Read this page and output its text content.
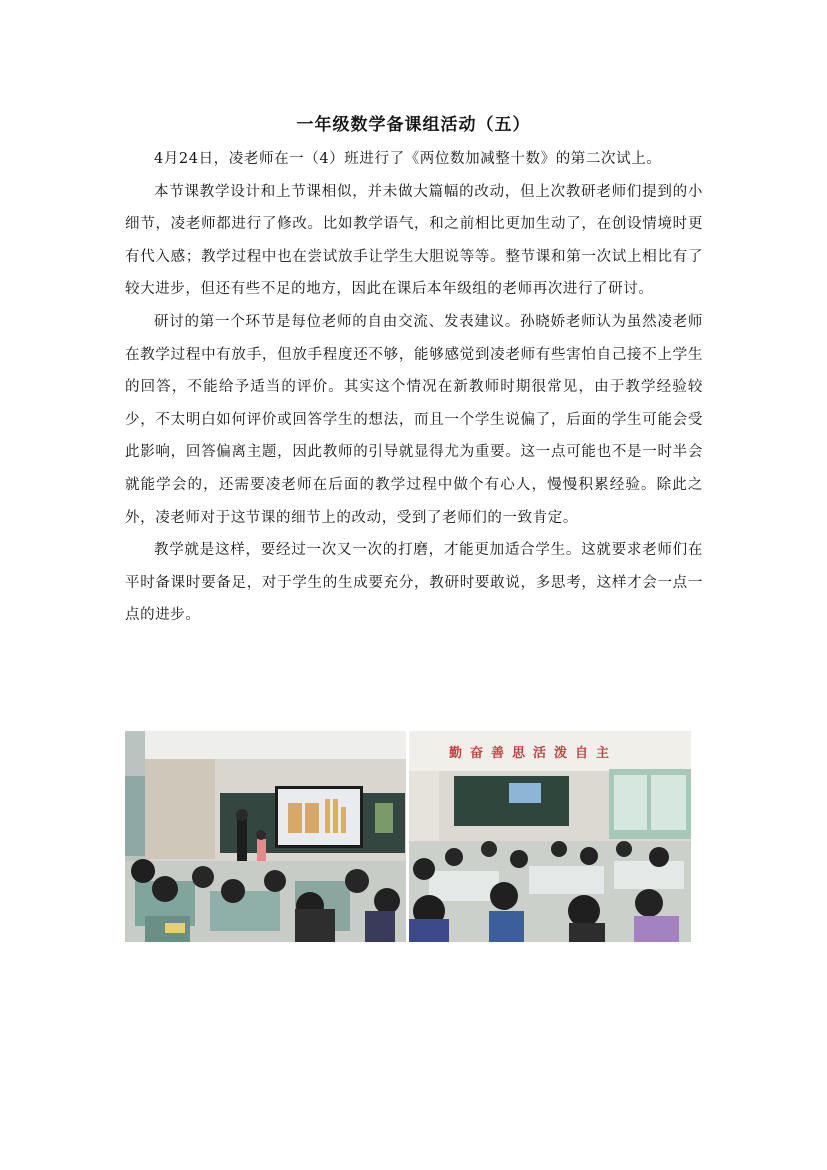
一年级数学备课组活动（五）

4月24日，凌老师在一（4）班进行了《两位数加减整十数》的第二次试上。

本节课教学设计和上节课相似，并未做大篇幅的改动，但上次教研老师们提到的小细节，凌老师都进行了修改。比如教学语气，和之前相比更加生动了，在创设情境时更有代入感；教学过程中也在尝试放手让学生大胆说等等。整节课和第一次试上相比有了较大进步，但还有些不足的地方，因此在课后本年级组的老师再次进行了研讨。

研讨的第一个环节是每位老师的自由交流、发表建议。孙晓娇老师认为虽然凌老师在教学过程中有放手，但放手程度还不够，能够感觉到凌老师有些害怕自己接不上学生的回答，不能给予适当的评价。其实这个情况在新教师时期很常见，由于教学经验较少，不太明白如何评价或回答学生的想法，而且一个学生说偏了，后面的学生可能会受此影响，回答偏离主题，因此教师的引导就显得尤为重要。这一点可能也不是一时半会就能学会的，还需要凌老师在后面的教学过程中做个有心人，慢慢积累经验。除此之外，凌老师对于这节课的细节上的改动，受到了老师们的一致肯定。

教学就是这样，要经过一次又一次的打磨，才能更加适合学生。这就要求老师们在平时备课时要备足，对于学生的生成要充分，教研时要敢说，多思考，这样才会一点一点的进步。

勤奋善思活泼自主
